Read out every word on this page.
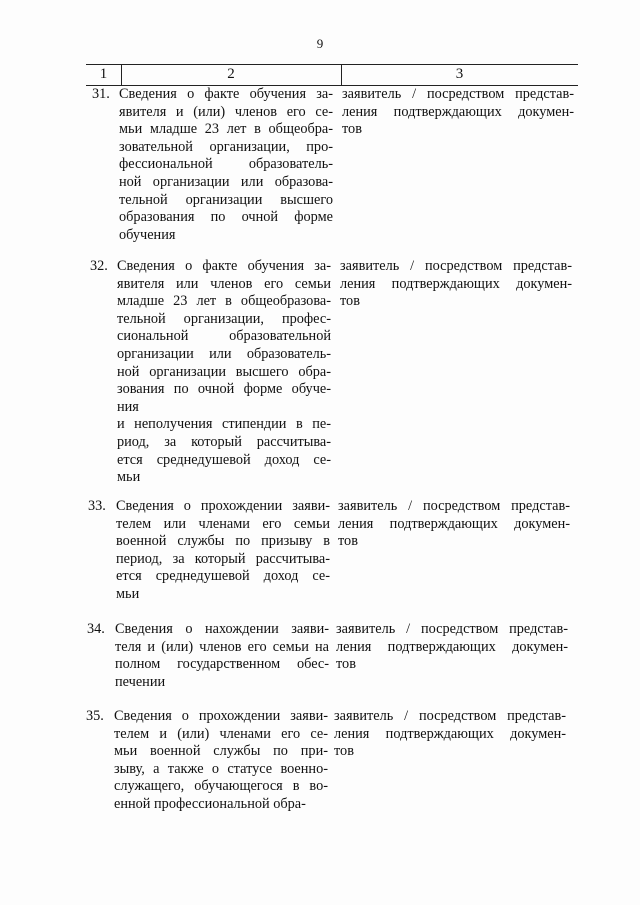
9
1	2	3
31. Сведения о факте обучения за-
явителя и (или) членов его се-
мьи младше 23 лет в общеобра-
зовательной организации, про-
фессиональной образователь-
ной организации или образова-
тельной организации высшего
образования по очной форме
обучения
заявитель / посредством представ-
ления подтверждающих докумен-
тов
32. Сведения о факте обучения за-
явителя или членов его семьи
младше 23 лет в общеобразова-
тельной организации, профес-
сиональной образовательной
организации или образователь-
ной организации высшего обра-
зования по очной форме обуче-
ния
и неполучения стипендии в пе-
риод, за который рассчитыва-
ется среднедушевой доход се-
мьи
заявитель / посредством представ-
ления подтверждающих докумен-
тов
33. Сведения о прохождении заяви-
телем или членами его семьи
военной службы по призыву в
период, за который рассчитыва-
ется среднедушевой доход се-
мьи
заявитель / посредством представ-
ления подтверждающих докумен-
тов
34. Сведения о нахождении заяви-
теля и (или) членов его семьи на
полном государственном обес-
печении
заявитель / посредством представ-
ления подтверждающих докумен-
тов
35. Сведения о прохождении заяви-
телем и (или) членами его се-
мьи военной службы по при-
зыву, а также о статусе военно-
служащего, обучающегося в во-
енной профессиональной обра-
заявитель / посредством представ-
ления подтверждающих докумен-
тов
